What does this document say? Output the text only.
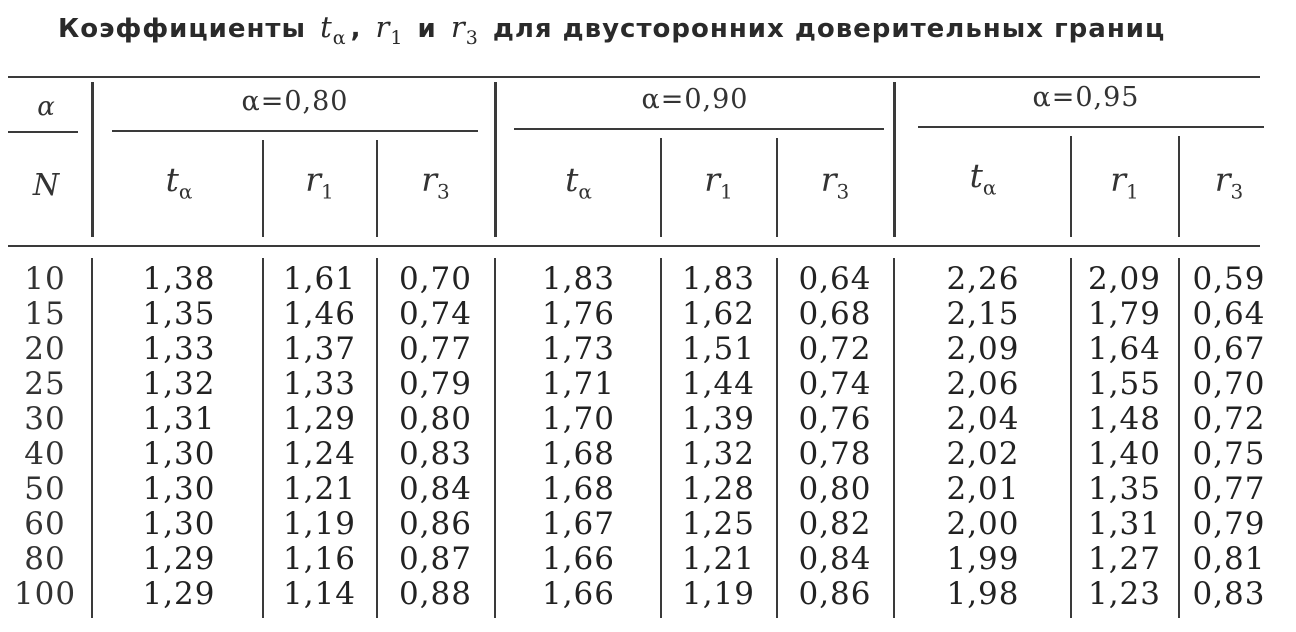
Коэффициенты $t_\alpha$ , $r_1$ и $r_3$ для двусторонних доверительных границ
α
N
α=0,80	α=0,90	α=0,95
$t_\alpha$	$r_1$	$r_3$	$t_\alpha$	$r_1$	$r_3$	$t_\alpha$	$r_1$	$r_3$
10	1,38	1,61	0,70	1,83	1,83	0,64	2,26	2,09	0,59
15	1,35	1,46	0,74	1,76	1,62	0,68	2,15	1,79	0,64
20	1,33	1,37	0,77	1,73	1,51	0,72	2,09	1,64	0,67
25	1,32	1,33	0,79	1,71	1,44	0,74	2,06	1,55	0,70
30	1,31	1,29	0,80	1,70	1,39	0,76	2,04	1,48	0,72
40	1,30	1,24	0,83	1,68	1,32	0,78	2,02	1,40	0,75
50	1,30	1,21	0,84	1,68	1,28	0,80	2,01	1,35	0,77
60	1,30	1,19	0,86	1,67	1,25	0,82	2,00	1,31	0,79
80	1,29	1,16	0,87	1,66	1,21	0,84	1,99	1,27	0,81
100	1,29	1,14	0,88	1,66	1,19	0,86	1,98	1,23	0,83
